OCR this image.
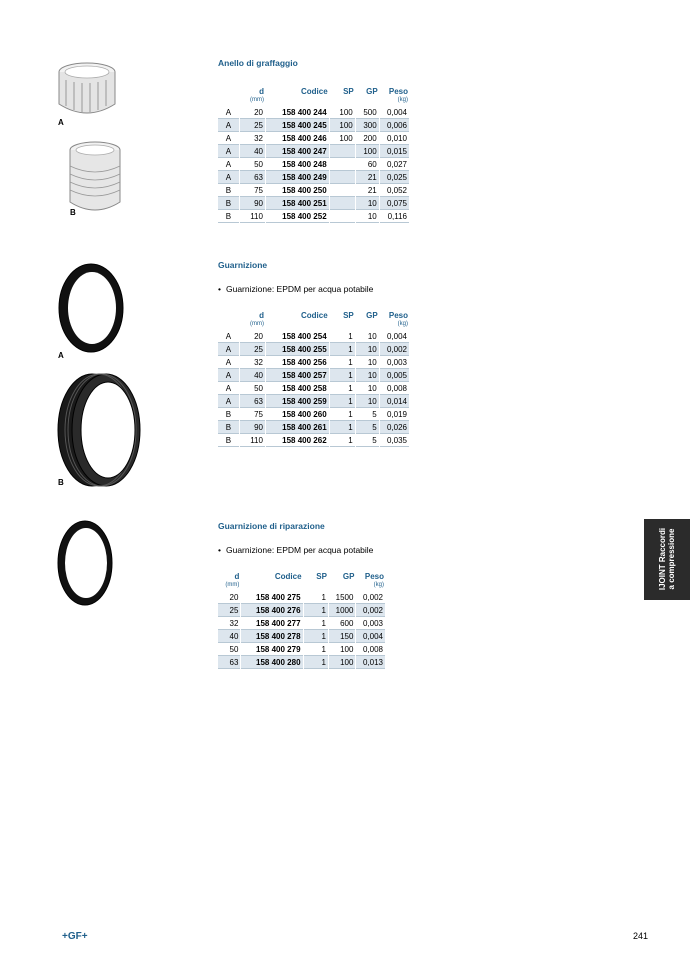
A
B
A
B
Anello di graffaggio
	d	Codice	SP	GP	Peso
	(mm)				(kg)
A	20	158 400 244	100	500	0,004
A	25	158 400 245	100	300	0,006
A	32	158 400 246	100	200	0,010
A	40	158 400 247		100	0,015
A	50	158 400 248		60	0,027
A	63	158 400 249		21	0,025
B	75	158 400 250		21	0,052
B	90	158 400 251		10	0,075
B	110	158 400 252		10	0,116
Guarnizione
• Guarnizione: EPDM per acqua potabile
	d	Codice	SP	GP	Peso
	(mm)				(kg)
A	20	158 400 254	1	10	0,004
A	25	158 400 255	1	10	0,002
A	32	158 400 256	1	10	0,003
A	40	158 400 257	1	10	0,005
A	50	158 400 258	1	10	0,008
A	63	158 400 259	1	10	0,014
B	75	158 400 260	1	5	0,019
B	90	158 400 261	1	5	0,026
B	110	158 400 262	1	5	0,035
Guarnizione di riparazione
• Guarnizione: EPDM per acqua potabile
d	Codice	SP	GP	Peso
(mm)				(kg)
20	158 400 275	1	1500	0,002
25	158 400 276	1	1000	0,002
32	158 400 277	1	600	0,003
40	158 400 278	1	150	0,004
50	158 400 279	1	100	0,008
63	158 400 280	1	100	0,013
IJOINT Raccordi a compressione
+GF+	241
